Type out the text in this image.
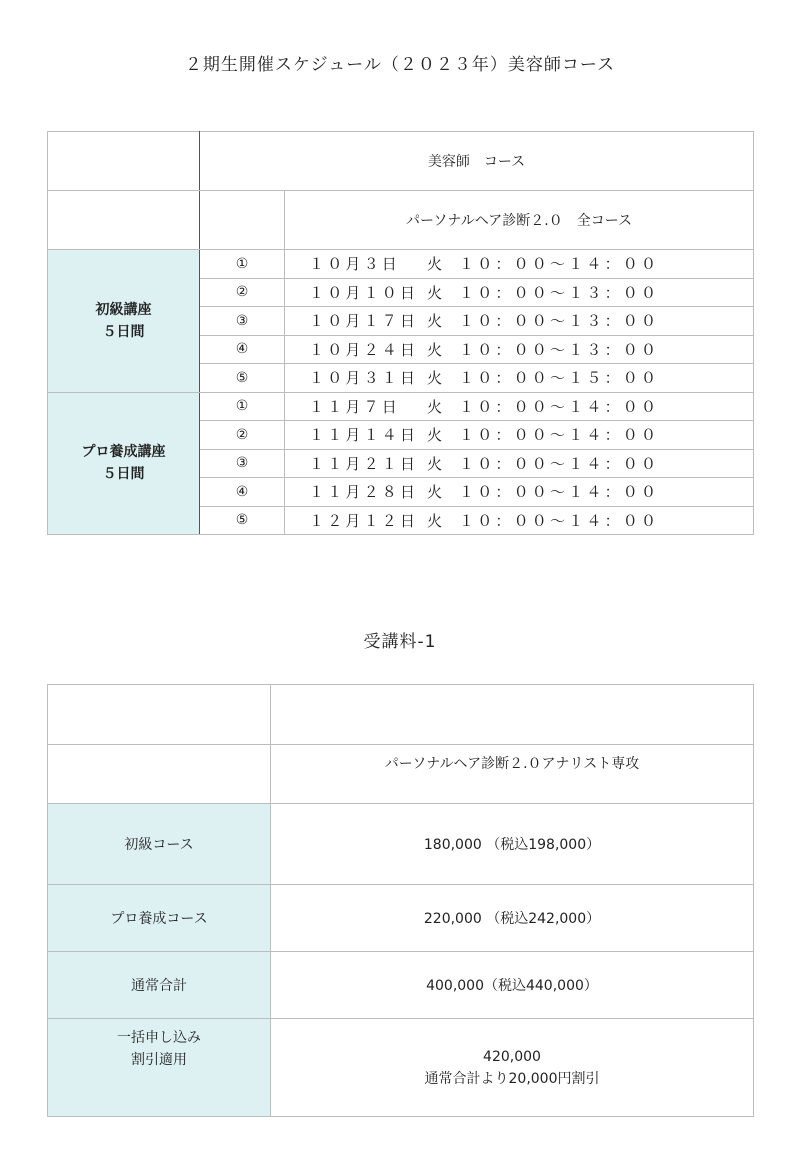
２期生開催スケジュール（２０２３年）美容師コース
	美容師　コース	
		パーソナルヘア診断２.０　全コース

初級講座
５日間	①	１０月３日 火 １０：００〜１４：００
	②	１０月１０日 火 １０：００〜１３：００
	③	１０月１７日 火 １０：００〜１３：００
	④	１０月２４日 火 １０：００〜１３：００
	⑤	１０月３１日 火 １０：００〜１５：００

プロ養成講座
５日間	①	１１月７日 火 １０：００〜１４：００
	②	１１月１４日 火 １０：００〜１４：００
	③	１１月２１日 火 １０：００〜１４：００
	④	１１月２８日 火 １０：００〜１４：００
	⑤	１２月１２日 火 １０：００〜１４：００
受講料-1

	パーソナルヘア診断２.０アナリスト専攻
初級コース	180,000 （税込198,000）
プロ養成コース	220,000 （税込242,000）
通常合計	400,000（税込440,000）

一括申し込み
割引適用	420,000
通常合計より20,000円割引
